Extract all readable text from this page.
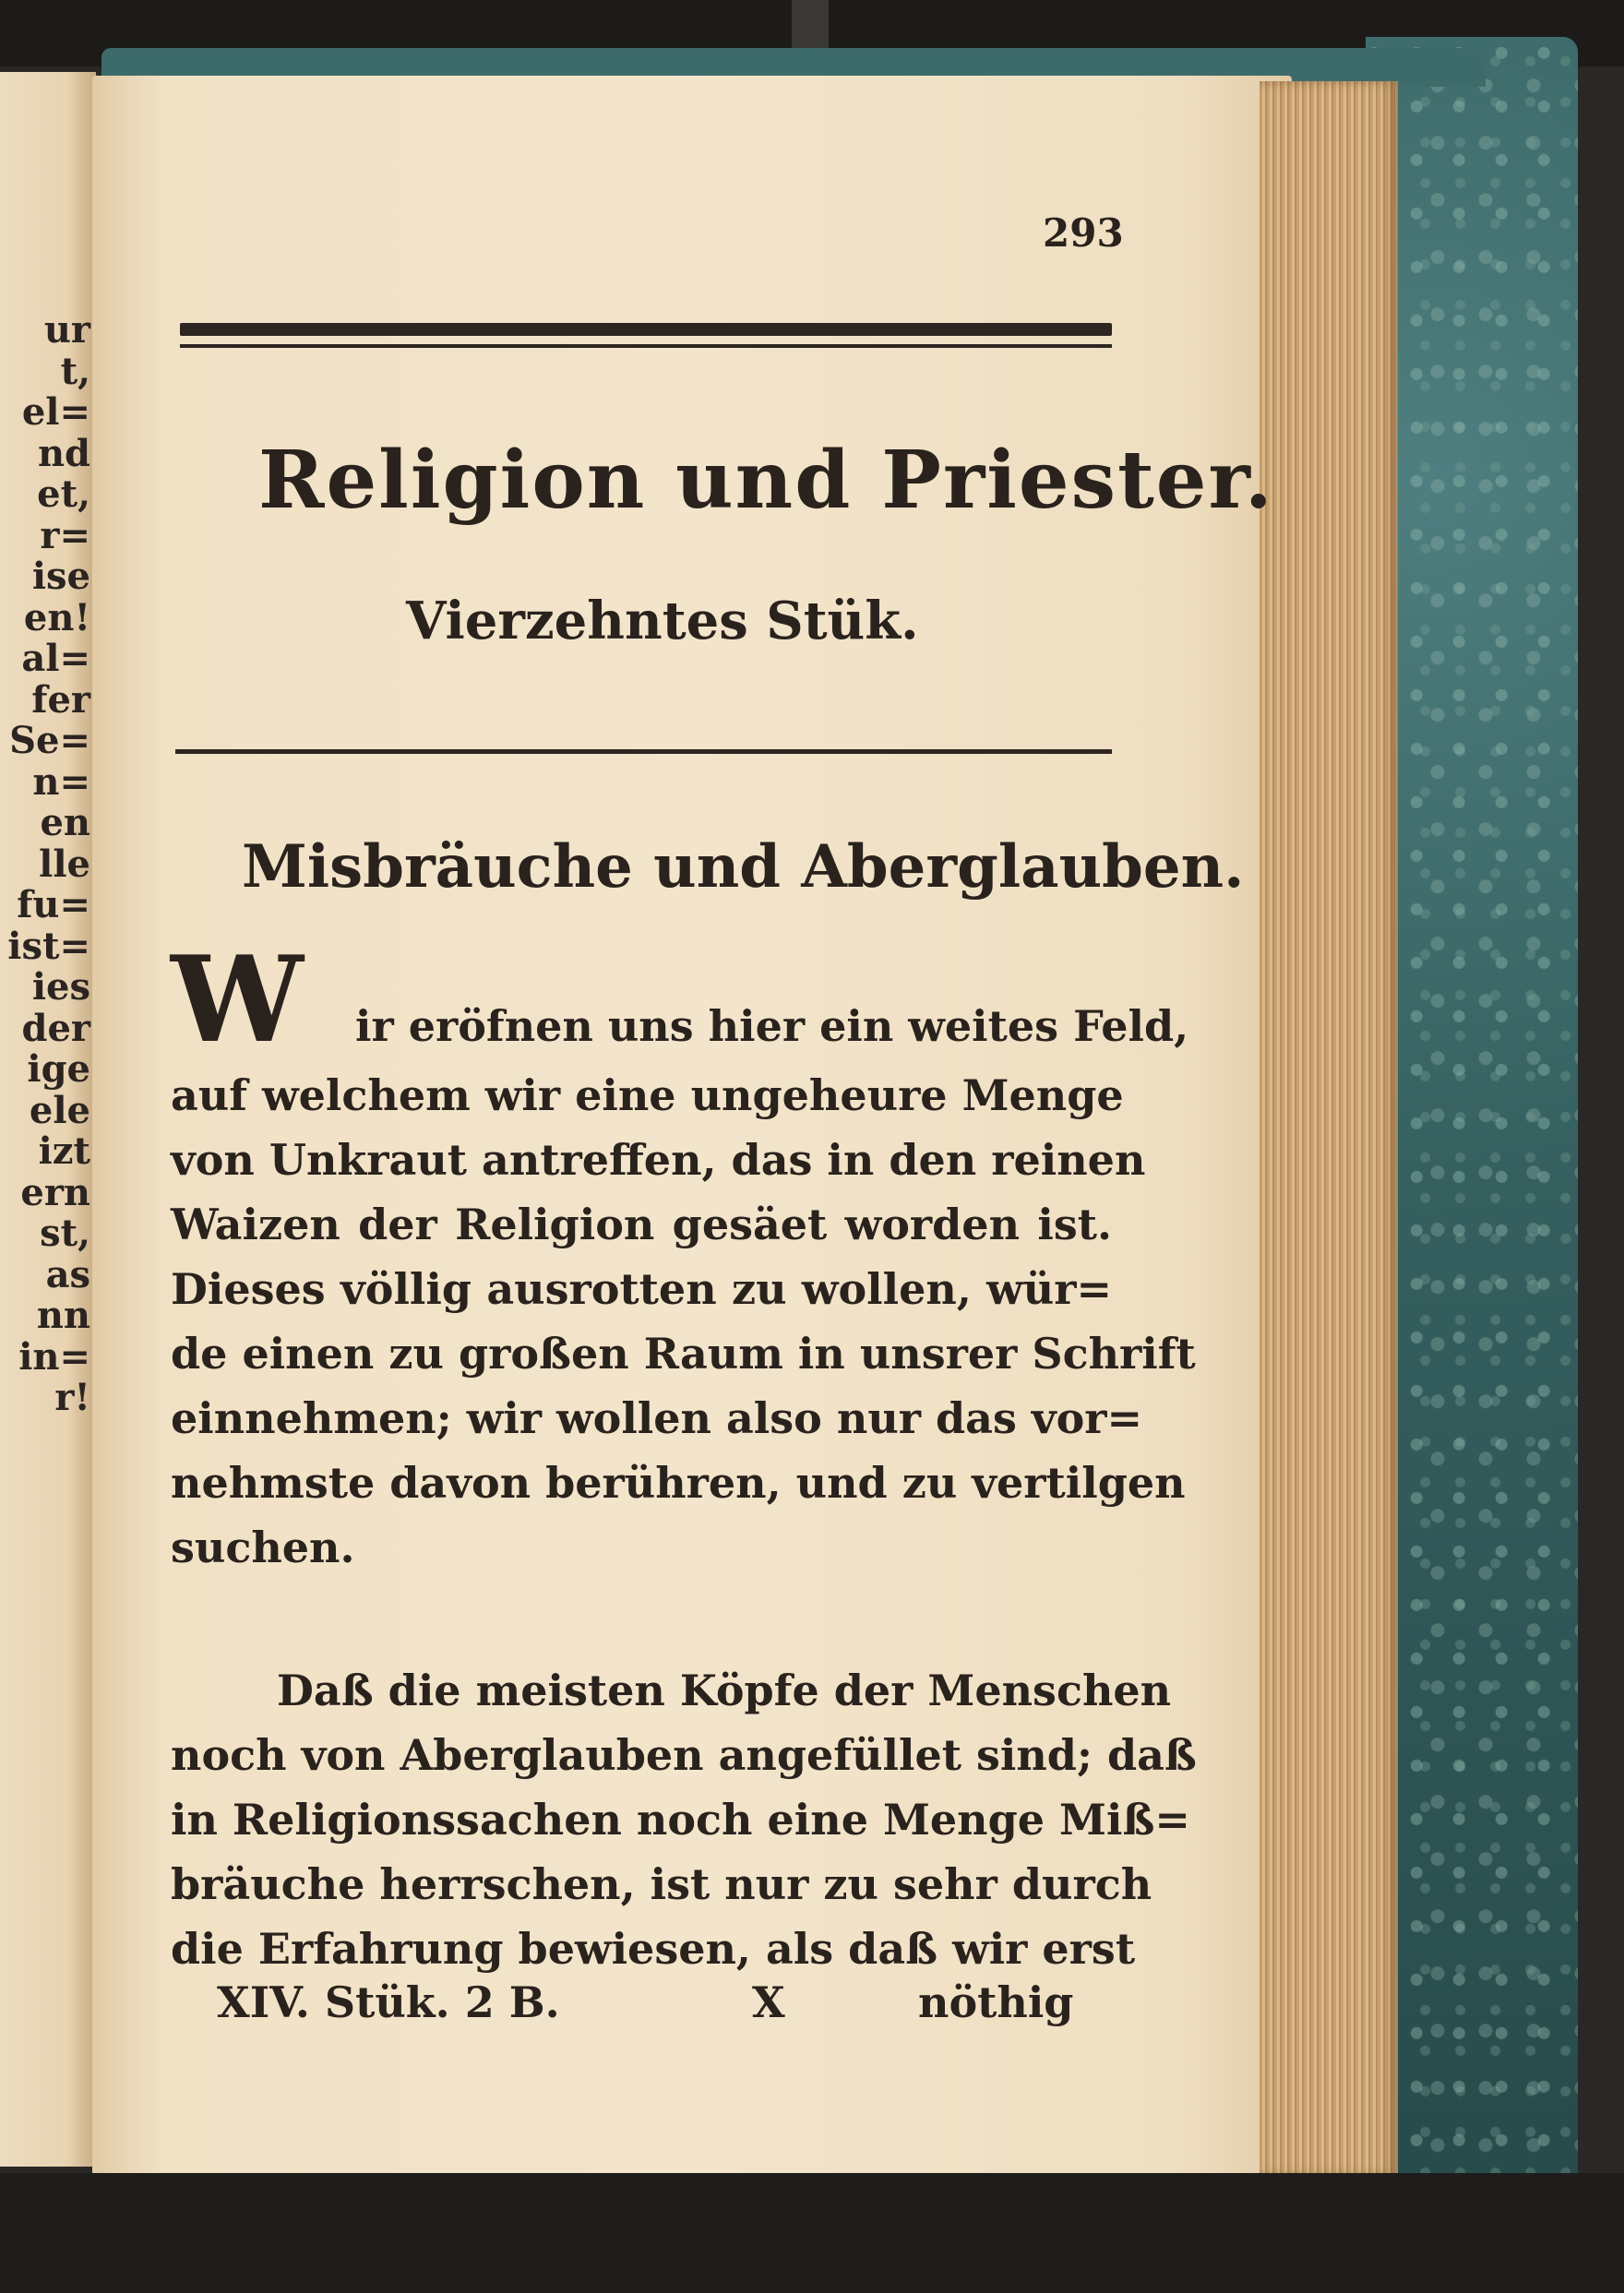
ur
t,
el=
nd
et,
r=
ise
en!
al=
fer
Se=
n=
en
lle
fu=
ist=
ies
der
ige
ele
izt
ern
st,
as
nn
in=
r!
293
Religion und Priester.
Vierzehntes Stük.
Misbräuche und Aberglauben.
W ir eröfnen uns hier ein weites Feld,
auf welchem wir eine ungeheure Menge
von Unkraut antreffen, das in den reinen
Waizen der Religion gesäet worden ist.
Dieses völlig ausrotten zu wollen, wür=
de einen zu großen Raum in unsrer Schrift
einnehmen; wir wollen also nur das vor=
nehmste davon berühren, und zu vertilgen
suchen.
Daß die meisten Köpfe der Menschen
noch von Aberglauben angefüllet sind; daß
in Religionssachen noch eine Menge Miß=
bräuche herrschen, ist nur zu sehr durch
die Erfahrung bewiesen, als daß wir erst
XIV. Stük. 2 B.	X	nöthig
